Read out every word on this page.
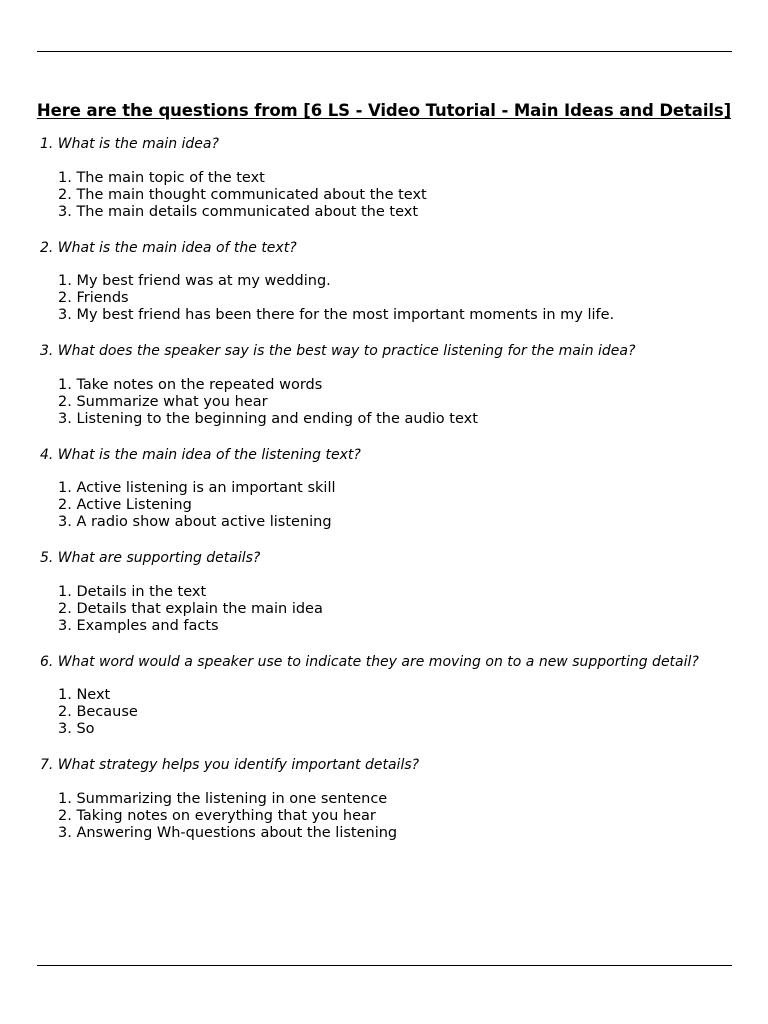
Here are the questions from [6 LS - Video Tutorial - Main Ideas and Details]
1. What is the main idea?
1. The main topic of the text
2. The main thought communicated about the text
3. The main details communicated about the text
2. What is the main idea of the text?
1. My best friend was at my wedding.
2. Friends
3. My best friend has been there for the most important moments in my life.
3. What does the speaker say is the best way to practice listening for the main idea?
1. Take notes on the repeated words
2. Summarize what you hear
3. Listening to the beginning and ending of the audio text
4. What is the main idea of the listening text?
1. Active listening is an important skill
2. Active Listening
3. A radio show about active listening
5. What are supporting details?
1. Details in the text
2. Details that explain the main idea
3. Examples and facts
6. What word would a speaker use to indicate they are moving on to a new supporting detail?
1. Next
2. Because
3. So
7. What strategy helps you identify important details?
1. Summarizing the listening in one sentence
2. Taking notes on everything that you hear
3. Answering Wh-questions about the listening
